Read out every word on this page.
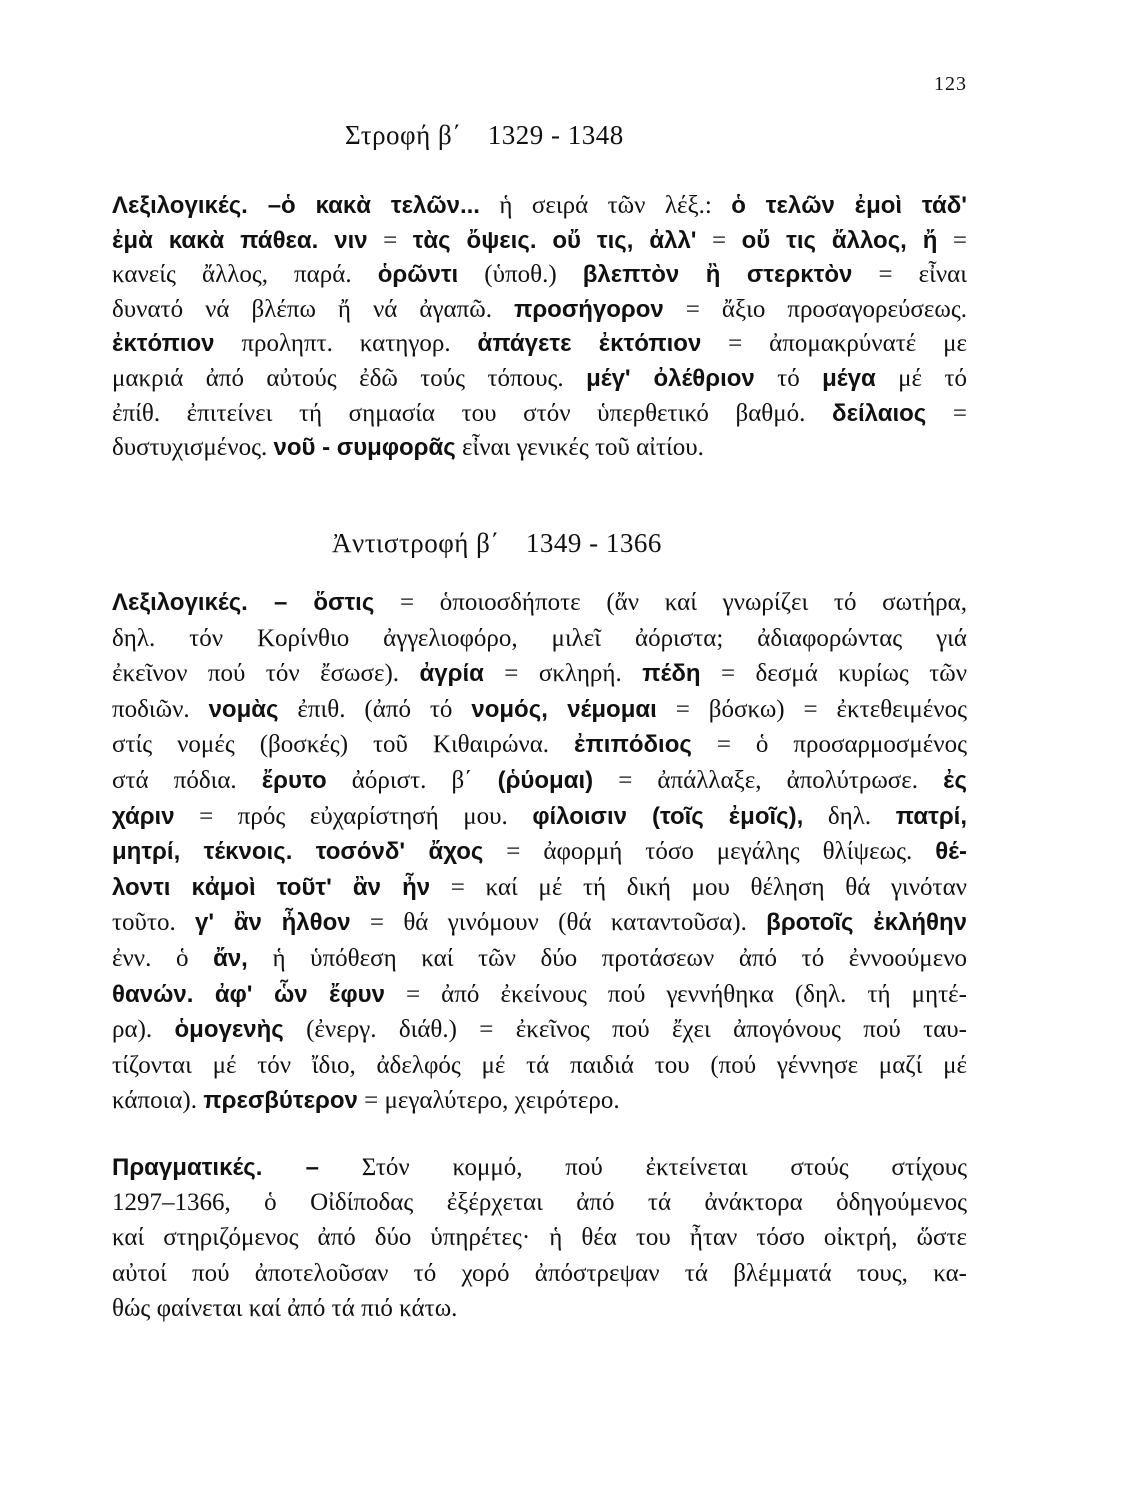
123
Στροφή β΄ 1329 - 1348
Λεξιλογικές. –ὁ κακὰ τελῶν... ἡ σειρά τῶν λέξ.: ὁ τελῶν ἐμοὶ τάδ'
ἐμὰ κακὰ πάθεα. νιν = τὰς ὄψεις. οὔ τις, ἀλλ' = οὔ τις ἄλλος, ἤ =
κανείς ἄλλος, παρά. ὁρῶντι (ὑποθ.) βλεπτὸν ἢ στερκτὸν = εἶναι
δυνατό νά βλέπω ἤ νά ἀγαπῶ. προσήγορον = ἄξιο προσαγορεύσεως.
ἐκτόπιον προληπτ. κατηγορ. ἀπάγετε ἐκτόπιον = ἀπομακρύνατέ με
μακριά ἀπό αὐτούς ἐδῶ τούς τόπους. μέγ' ὀλέθριον τό μέγα μέ τό
ἐπίθ. ἐπιτείνει τή σημασία του στόν ὑπερθετικό βαθμό. δείλαιος =
δυστυχισμένος. νοῦ - συμφορᾶς εἶναι γενικές τοῦ αἰτίου.
Ἀντιστροφή β΄ 1349 - 1366
Λεξιλογικές. – ὅστις = ὁποιοσδήποτε (ἄν καί γνωρίζει τό σωτήρα,
δηλ. τόν Κορίνθιο ἀγγελιοφόρο, μιλεῖ ἀόριστα; ἀδιαφορώντας γιά
ἐκεῖνον πού τόν ἔσωσε). ἀγρία = σκληρή. πέδη = δεσμά κυρίως τῶν
ποδιῶν. νομὰς ἐπιθ. (ἀπό τό νομός, νέμομαι = βόσκω) = ἐκτεθειμένος
στίς νομές (βοσκές) τοῦ Κιθαιρώνα. ἐπιπόδιος = ὁ προσαρμοσμένος
στά πόδια. ἔρυτο ἀόριστ. β΄ (ῥύομαι) = ἀπάλλαξε, ἀπολύτρωσε. ἐς
χάριν = πρός εὐχαρίστησή μου. φίλοισιν (τοῖς ἐμοῖς), δηλ. πατρί,
μητρί, τέκνοις. τοσόνδ' ἄχος = ἀφορμή τόσο μεγάλης θλίψεως. θέ-
λοντι κἀμοὶ τοῦτ' ἂν ἦν = καί μέ τή δική μου θέληση θά γινόταν
τοῦτο. γ' ἂν ἦλθον = θά γινόμουν (θά καταντοῦσα). βροτοῖς ἐκλήθην
ἐνν. ὁ ἄν, ἡ ὑπόθεση καί τῶν δύο προτάσεων ἀπό τό ἐννοούμενο
θανών. ἀφ' ὧν ἔφυν = ἀπό ἐκείνους πού γεννήθηκα (δηλ. τή μητέ-
ρα). ὁμογενὴς (ἐνεργ. διάθ.) = ἐκεῖνος πού ἔχει ἀπογόνους πού ταυ-
τίζονται μέ τόν ἴδιο, ἀδελφός μέ τά παιδιά του (πού γέννησε μαζί μέ
κάποια). πρεσβύτερον = μεγαλύτερο, χειρότερο.
Πραγματικές. – Στόν κομμό, πού ἐκτείνεται στούς στίχους
1297–1366, ὁ Οἰδίποδας ἐξέρχεται ἀπό τά ἀνάκτορα ὁδηγούμενος
καί στηριζόμενος ἀπό δύο ὑπηρέτες· ἡ θέα του ἦταν τόσο οἰκτρή, ὥστε
αὐτοί πού ἀποτελοῦσαν τό χορό ἀπόστρεψαν τά βλέμματά τους, κα-
θώς φαίνεται καί ἀπό τά πιό κάτω.
